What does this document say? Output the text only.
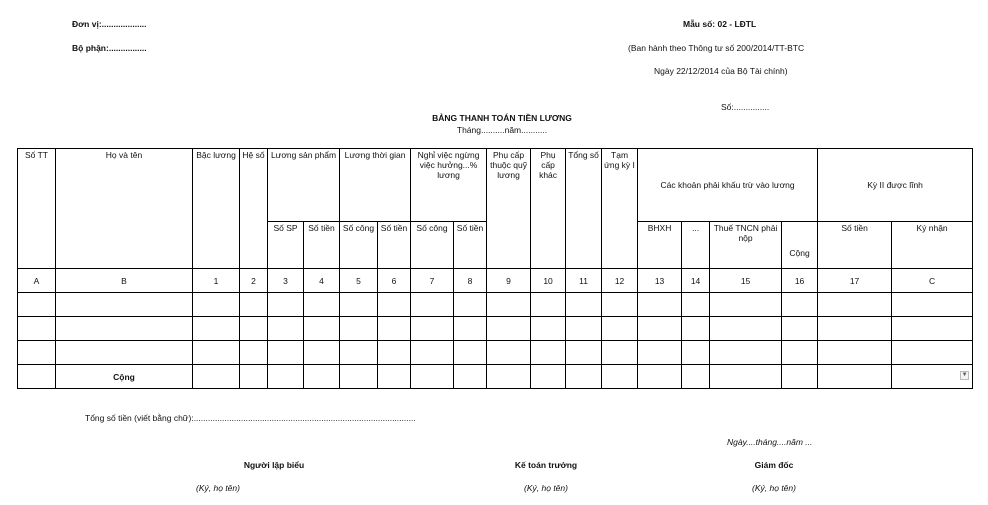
Đơn vị:...................
Bộ phận:................
Mẫu số: 02 - LĐTL
(Ban hành theo Thông tư số 200/2014/TT-BTC
Ngày 22/12/2014 của Bộ Tài chính)
Số:...............
BẢNG THANH TOÁN TIỀN LƯƠNG
Tháng..........năm...........
Số TT	Họ và tên	Bậc lương	Hệ số	Lương sản phẩm		Lương thời gian		Nghỉ việc ngừng việc hưởng...% lương		Phụ cấp thuộc quỹ lương	Phụ cấp khác	Tổng số	Tạm ứng kỳ I	Các khoản phải khấu trừ vào lương				Kỳ II được lĩnh	
				Số SP	Số tiền	Số công	Số tiền	Số công	Số tiền					BHXH	...	Thuế TNCN phải nộp	Cộng	Số tiền	Ký nhận
A	B	1	2	3	4	5	6	7	8	9	10	11	12	13	14	15	16	17	C

	Cộng																		▼
Tổng số tiền (viết bằng chữ):..............................................................................................
Ngày....tháng....năm ...
Người lập biểu
(Ký, họ tên)
Kế toán trưởng
(Ký, họ tên)
Giám đốc
(Ký, họ tên)
